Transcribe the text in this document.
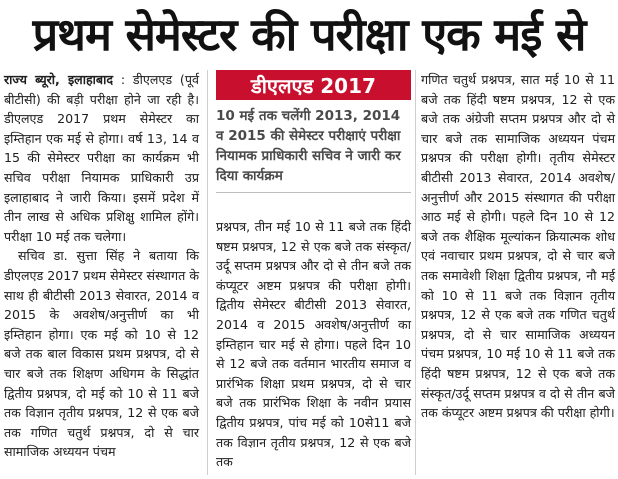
प्रथम सेमेस्टर की परीक्षा एक मई से

राज्य ब्यूरो, इलाहाबाद : डीएलएड (पूर्व बीटीसी) की बड़ी परीक्षा होने जा रही है। डीएलएड 2017 प्रथम सेमेस्टर का इम्तिहान एक मई से होगा। वर्ष 13, 14 व 15 की सेमेस्टर परीक्षा का कार्यक्रम भी सचिव परीक्षा नियामक प्राधिकारी उप्र इलाहाबाद ने जारी किया। इसमें प्रदेश में तीन लाख से अधिक प्रशिक्षु शामिल होंगे। परीक्षा 10 मई तक चलेगा।

सचिव डा. सुत्ता सिंह ने बताया कि डीएलएड 2017 प्रथम सेमेस्टर संस्थागत के साथ ही बीटीसी 2013 सेवारत, 2014 व 2015 के अवशेष/अनुत्तीर्ण का भी इम्तिहान होगा। एक मई को 10 से 12 बजे तक बाल विकास प्रथम प्रश्नपत्र, दो से चार बजे तक शिक्षण अधिगम के सिद्धांत द्वितीय प्रश्नपत्र, दो मई को 10 से 11 बजे तक विज्ञान तृतीय प्रश्नपत्र, 12 से एक बजे तक गणित चतुर्थ प्रश्नपत्र, दो से चार सामाजिक अध्ययन पंचम

डीएलएड 2017
10 मई तक चलेंगी 2013, 2014 व 2015 की सेमेस्टर परीक्षाएं परीक्षा नियामक प्राधिकारी सचिव ने जारी कर दिया कार्यक्रम

प्रश्नपत्र, तीन मई 10 से 11 बजे तक हिंदी षष्टम प्रश्नपत्र, 12 से एक बजे तक संस्कृत/उर्दू सप्तम प्रश्नपत्र और दो से तीन बजे तक कंप्यूटर अष्टम प्रश्नपत्र की परीक्षा होगी। द्वितीय सेमेस्टर बीटीसी 2013 सेवारत, 2014 व 2015 अवशेष/अनुत्तीर्ण का इम्तिहान चार मई से होगा। पहले दिन 10 से 12 बजे तक वर्तमान भारतीय समाज व प्रारंभिक शिक्षा प्रथम प्रश्नपत्र, दो से चार बजे तक प्रारंभिक शिक्षा के नवीन प्रयास द्वितीय प्रश्नपत्र, पांच मई को 10से11 बजे तक विज्ञान तृतीय प्रश्नपत्र, 12 से एक बजे तक

गणित चतुर्थ प्रश्नपत्र, सात मई 10 से 11 बजे तक हिंदी षष्टम प्रश्नपत्र, 12 से एक बजे तक अंग्रेजी सप्तम प्रश्नपत्र और दो से चार बजे तक सामाजिक अध्ययन पंचम प्रश्नपत्र की परीक्षा होगी। तृतीय सेमेस्टर बीटीसी 2013 सेवारत, 2014 अवशेष/अनुत्तीर्ण और 2015 संस्थागत की परीक्षा आठ मई से होगी। पहले दिन 10 से 12 बजे तक शैक्षिक मूल्यांकन क्रियात्मक शोध एवं नवाचार प्रथम प्रश्नपत्र, दो से चार बजे तक समावेशी शिक्षा द्वितीय प्रश्नपत्र, नौ मई को 10 से 11 बजे तक विज्ञान तृतीय प्रश्नपत्र, 12 से एक बजे तक गणित चतुर्थ प्रश्नपत्र, दो से चार सामाजिक अध्ययन पंचम प्रश्नपत्र, 10 मई 10 से 11 बजे तक हिंदी षष्टम प्रश्नपत्र, 12 से एक बजे तक संस्कृत/उर्दू सप्तम प्रश्नपत्र व दो से तीन बजे तक कंप्यूटर अष्टम प्रश्नपत्र की परीक्षा होगी।
